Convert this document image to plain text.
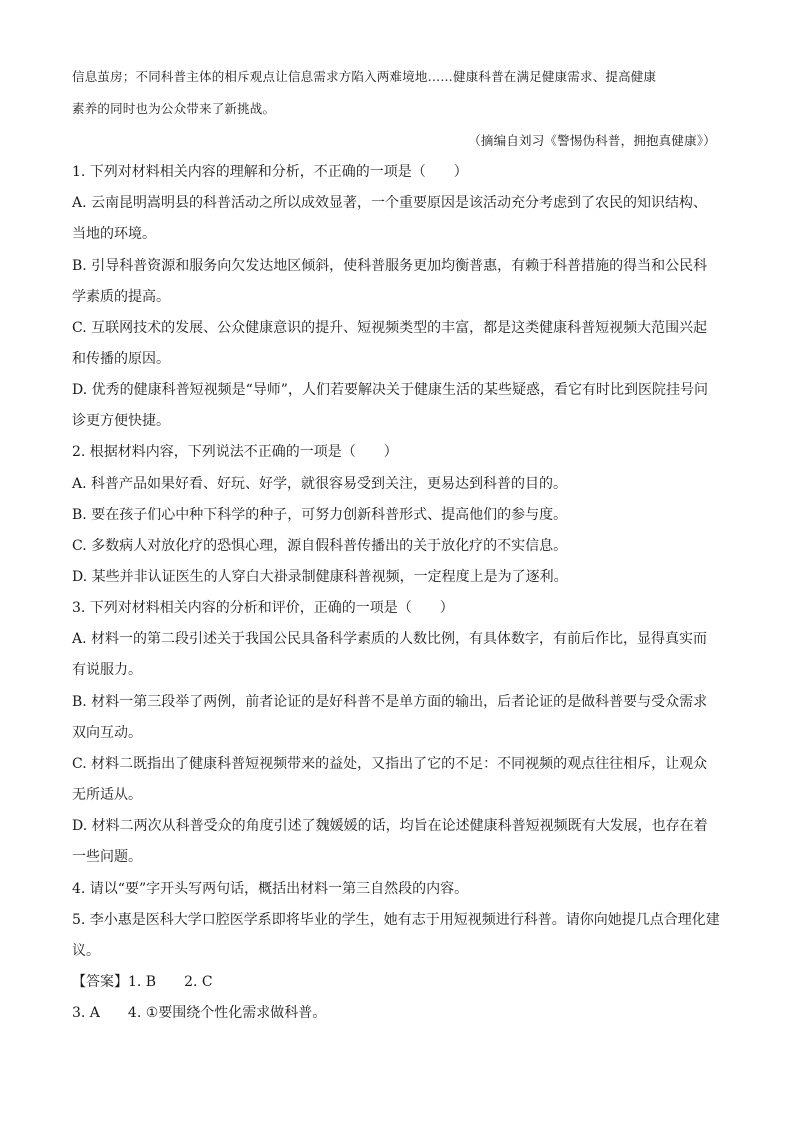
信息茧房；不同科普主体的相斥观点让信息需求方陷入两难境地……健康科普在满足健康需求、提高健康
素养的同时也为公众带来了新挑战。
（摘编自刘习《警惕伪科普，拥抱真健康》）
1. 下列对材料相关内容的理解和分析，不正确的一项是（　　）
A. 云南昆明嵩明县的科普活动之所以成效显著，一个重要原因是该活动充分考虑到了农民的知识结构、
当地的环境。
B. 引导科普资源和服务向欠发达地区倾斜，使科普服务更加均衡普惠，有赖于科普措施的得当和公民科
学素质的提高。
C. 互联网技术的发展、公众健康意识的提升、短视频类型的丰富，都是这类健康科普短视频大范围兴起
和传播的原因。
D. 优秀的健康科普短视频是“导师”，人们若要解决关于健康生活的某些疑惑，看它有时比到医院挂号问
诊更方便快捷。
2. 根据材料内容，下列说法不正确的一项是（　　）
A. 科普产品如果好看、好玩、好学，就很容易受到关注，更易达到科普的目的。
B. 要在孩子们心中种下科学的种子，可努力创新科普形式、提高他们的参与度。
C. 多数病人对放化疗的恐惧心理，源自假科普传播出的关于放化疗的不实信息。
D. 某些并非认证医生的人穿白大褂录制健康科普视频，一定程度上是为了逐利。
3. 下列对材料相关内容的分析和评价，正确的一项是（　　）
A. 材料一的第二段引述关于我国公民具备科学素质的人数比例，有具体数字，有前后作比，显得真实而
有说服力。
B. 材料一第三段举了两例，前者论证的是好科普不是单方面的输出，后者论证的是做科普要与受众需求
双向互动。
C. 材料二既指出了健康科普短视频带来的益处，又指出了它的不足：不同视频的观点往往相斥，让观众
无所适从。
D. 材料二两次从科普受众的角度引述了魏媛媛的话，均旨在论述健康科普短视频既有大发展，也存在着
一些问题。
4. 请以“要”字开头写两句话，概括出材料一第三自然段的内容。
5. 李小惠是医科大学口腔医学系即将毕业的学生，她有志于用短视频进行科普。请你向她提几点合理化建
议。
【答案】1. B 2. C
3. A 4. ①要围绕个性化需求做科普。
